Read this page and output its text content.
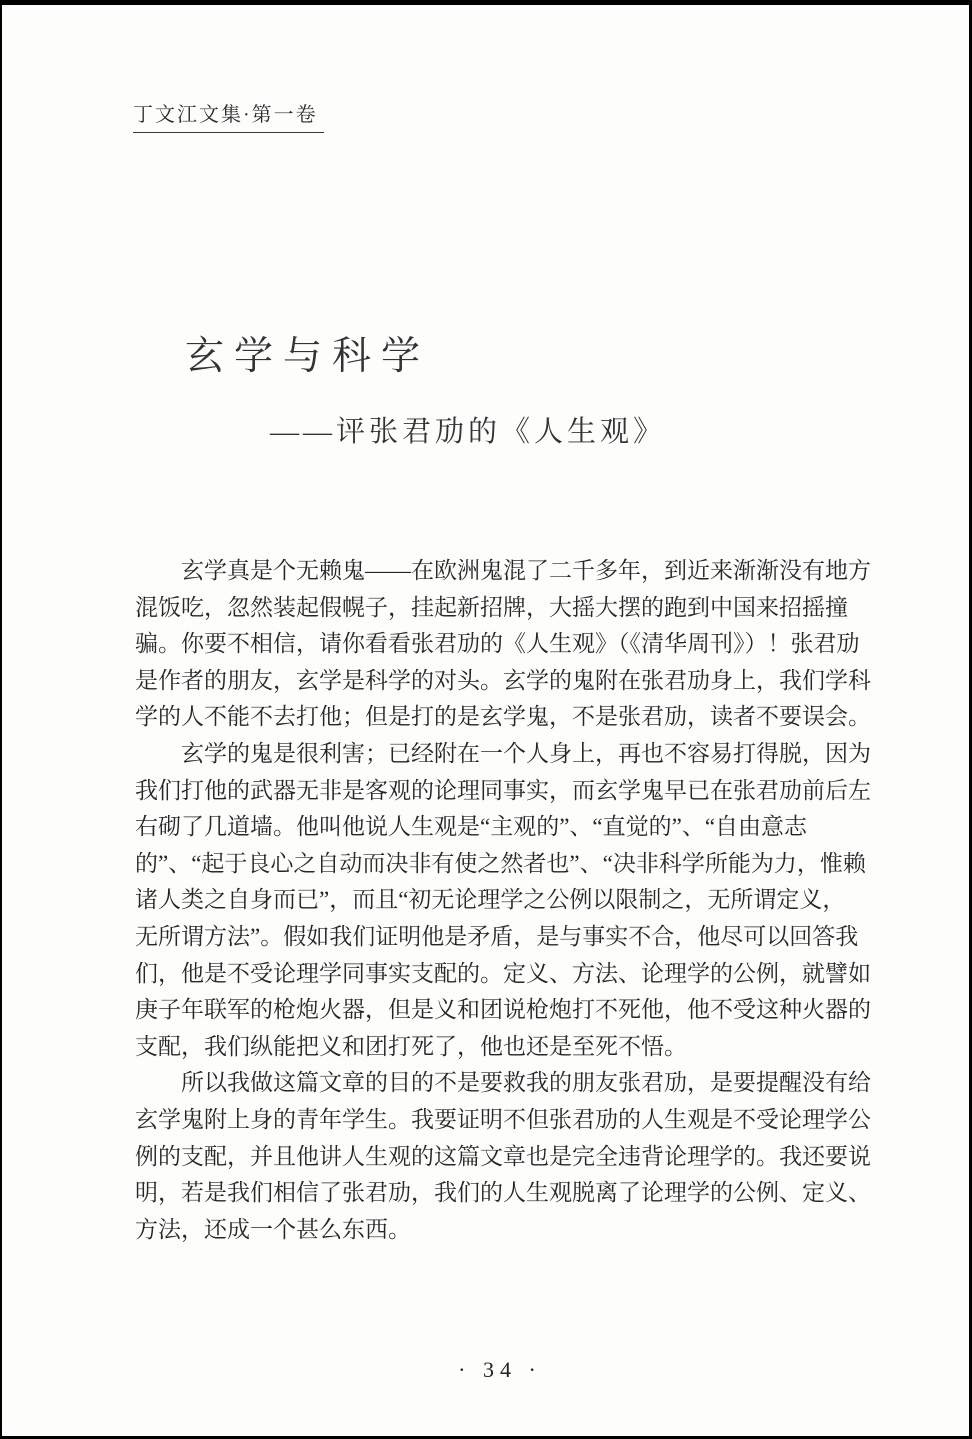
丁文江文集·第一卷
玄学与科学
——评张君劢的《人生观》
玄学真是个无赖鬼——在欧洲鬼混了二千多年，到近来渐渐没有地方
混饭吃，忽然装起假幌子，挂起新招牌，大摇大摆的跑到中国来招摇撞
骗。你要不相信，请你看看张君劢的《人生观》（《清华周刊》）！张君劢
是作者的朋友，玄学是科学的对头。玄学的鬼附在张君劢身上，我们学科
学的人不能不去打他；但是打的是玄学鬼，不是张君劢，读者不要误会。
玄学的鬼是很利害；已经附在一个人身上，再也不容易打得脱，因为
我们打他的武器无非是客观的论理同事实，而玄学鬼早已在张君劢前后左
右砌了几道墙。他叫他说人生观是“主观的”、“直觉的”、“自由意志
的”、“起于良心之自动而决非有使之然者也”、“决非科学所能为力，惟赖
诸人类之自身而已”，而且“初无论理学之公例以限制之，无所谓定义，
无所谓方法”。假如我们证明他是矛盾，是与事实不合，他尽可以回答我
们，他是不受论理学同事实支配的。定义、方法、论理学的公例，就譬如
庚子年联军的枪炮火器，但是义和团说枪炮打不死他，他不受这种火器的
支配，我们纵能把义和团打死了，他也还是至死不悟。
所以我做这篇文章的目的不是要救我的朋友张君劢，是要提醒没有给
玄学鬼附上身的青年学生。我要证明不但张君劢的人生观是不受论理学公
例的支配，并且他讲人生观的这篇文章也是完全违背论理学的。我还要说
明，若是我们相信了张君劢，我们的人生观脱离了论理学的公例、定义、
方法，还成一个甚么东西。
· 34 ·
